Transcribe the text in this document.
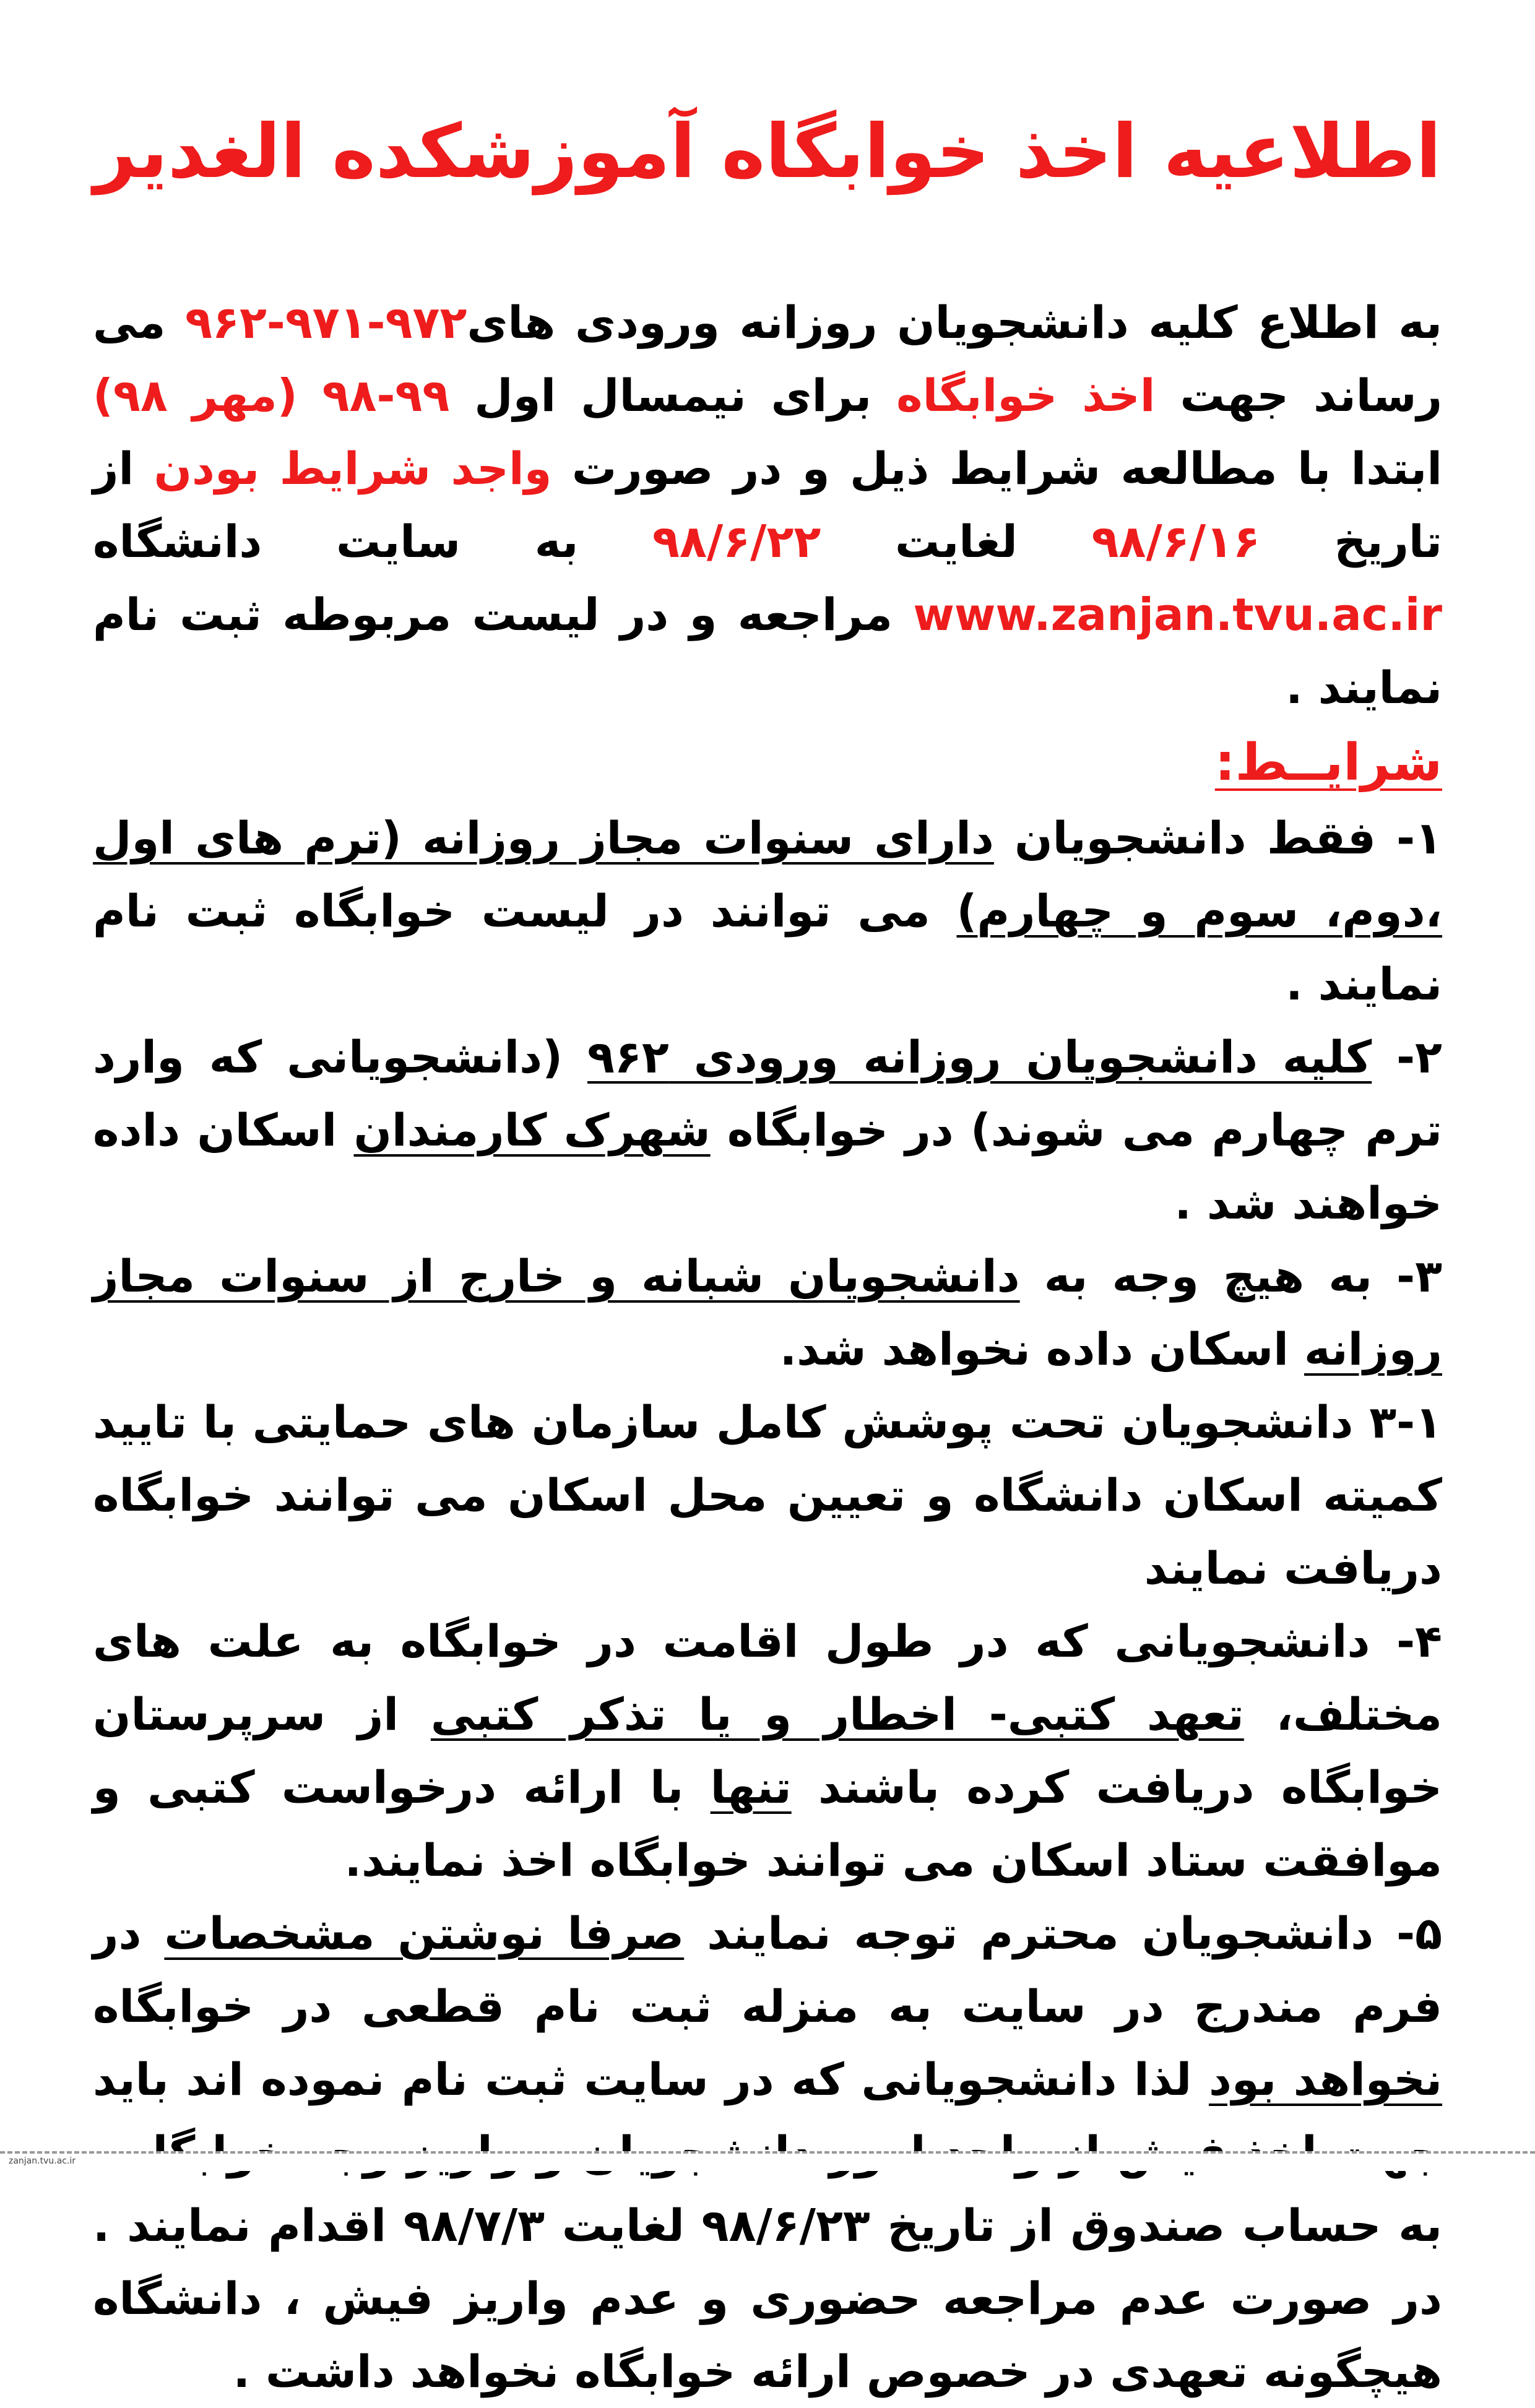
اطلاعیه اخذ خوابگاه آموزشکده الغدیر

به اطلاع کلیه دانشجویان روزانه ورودی های۹۷۲-۹۷۱-۹۶۲ می رساند جهت اخذ خوابگاه برای نیمسال اول ۹۹-۹۸ (مهر ۹۸) ابتدا با مطالعه شرایط ذیل و در صورت واجد شرایط بودن از تاریخ ۹۸/۶/۱۶ لغایت ۹۸/۶/۲۲ به سایت دانشگاه www.zanjan.tvu.ac.ir مراجعه و در لیست مربوطه ثبت نام نمایند .

شرایــط:

۱- فقط دانشجویان دارای سنوات مجاز روزانه (ترم های اول ،دوم، سوم و چهارم) می توانند در لیست خوابگاه ثبت نام نمایند .

۲- کلیه دانشجویان روزانه ورودی ۹۶۲ (دانشجویانی که وارد ترم چهارم می شوند) در خوابگاه شهرک کارمندان اسکان داده خواهند شد .

۳- به هیچ وجه به دانشجویان شبانه و خارج از سنوات مجاز روزانه اسکان داده نخواهد شد.

۳-۱ دانشجویان تحت پوشش کامل سازمان های حمایتی با تایید کمیته اسکان دانشگاه و تعیین محل اسکان می توانند خوابگاه دریافت نمایند

۴- دانشجویانی که در طول اقامت در خوابگاه به علت های مختلف، تعهد کتبی- اخطار و یا تذکر کتبی از سرپرستان خوابگاه دریافت کرده باشند تنها با ارائه درخواست کتبی و موافقت ستاد اسکان می توانند خوابگاه اخذ نمایند.

۵- دانشجویان محترم توجه نمایند صرفا نوشتن مشخصات در فرم مندرج در سایت به منزله ثبت نام قطعی در خوابگاه نخواهد بود لذا دانشجویانی که در سایت ثبت نام نموده اند باید به حساب صندوق از تاریخ ۹۸/۶/۲۳ لغایت ۹۸/۷/۳ اقدام نمایند . در صورت عدم مراجعه حضوری و عدم واریز فیش ، دانشگاه هیچگونه تعهدی در خصوص ارائه خوابگاه نخواهد داشت .

zanjan.tvu.ac.ir
